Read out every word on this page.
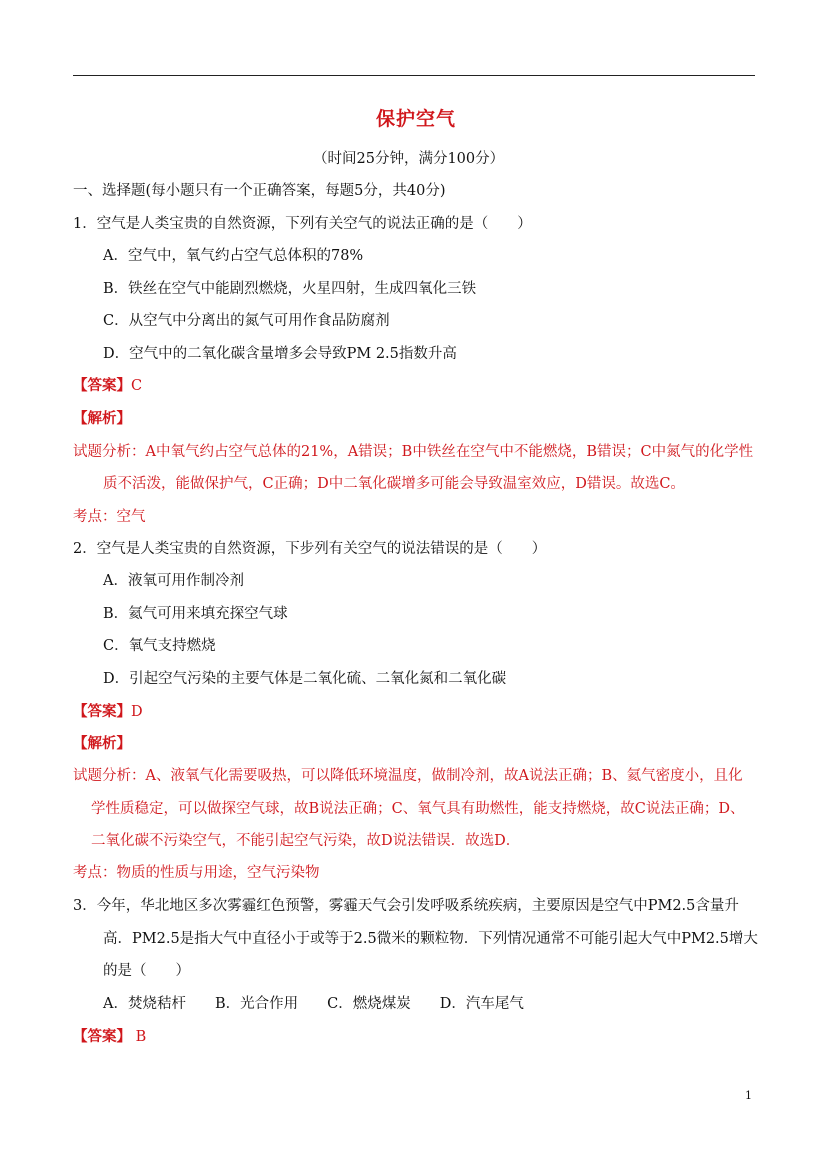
保护空气
（时间25分钟，满分100分）
一、选择题(每小题只有一个正确答案，每题5分，共40分)
1．空气是人类宝贵的自然资源，下列有关空气的说法正确的是（　　）
A．空气中，氧气约占空气总体积的78%
B．铁丝在空气中能剧烈燃烧，火星四射，生成四氧化三铁
C．从空气中分离出的氮气可用作食品防腐剂
D．空气中的二氧化碳含量增多会导致PM 2.5指数升高
【答案】C
【解析】
试题分析：A中氧气约占空气总体的21%，A错误；B中铁丝在空气中不能燃烧，B错误；C中氮气的化学性
质不活泼，能做保护气，C正确；D中二氧化碳增多可能会导致温室效应，D错误。故选C。
考点：空气
2．空气是人类宝贵的自然资源，下步列有关空气的说法错误的是（　　）
A．液氧可用作制冷剂
B．氦气可用来填充探空气球
C．氧气支持燃烧
D．引起空气污染的主要气体是二氧化硫、二氧化氮和二氧化碳
【答案】D
【解析】
试题分析：A、液氧气化需要吸热，可以降低环境温度，做制冷剂，故A说法正确；B、氦气密度小，且化
学性质稳定，可以做探空气球，故B说法正确；C、氧气具有助燃性，能支持燃烧，故C说法正确；D、
二氧化碳不污染空气，不能引起空气污染，故D说法错误．故选D．
考点：物质的性质与用途，空气污染物
3．今年，华北地区多次雾霾红色预警，雾霾天气会引发呼吸系统疾病，主要原因是空气中PM2.5含量升
高．PM2.5是指大气中直径小于或等于2.5微米的颗粒物．下列情况通常不可能引起大气中PM2.5增大
的是（　　）
A．焚烧秸杆　　B．光合作用　　C．燃烧煤炭　　D．汽车尾气
【答案】 B
1
